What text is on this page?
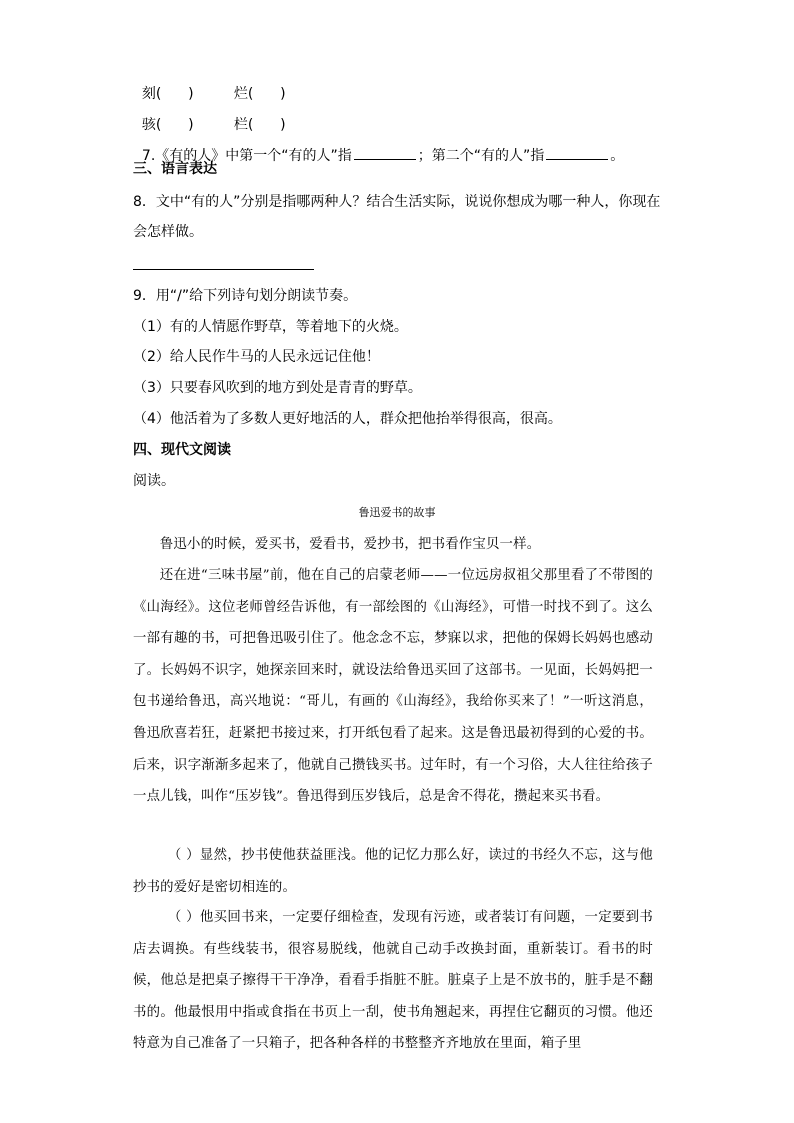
刻(      )	烂(      )

骇(      )	栏(      )

7.《有的人》中第一个“有的人”指	；第二个“有的人”指	。

三、语言表达
8．文中“有的人”分别是指哪两种人？结合生活实际，说说你想成为哪一种人，你现在
会怎样做。
9．用“/”给下列诗句划分朗读节奏。
（1）有的人情愿作野草，等着地下的火烧。
（2）给人民作牛马的人民永远记住他！
（3）只要春风吹到的地方到处是青青的野草。
（4）他活着为了多数人更好地活的人，群众把他抬举得很高，很高。
四、现代文阅读
阅读。
鲁迅爱书的故事

鲁迅小的时候，爱买书，爱看书，爱抄书，把书看作宝贝一样。

还在进“三味书屋”前，他在自己的启蒙老师——一位远房叔祖父那里看了不带图的《山海经》。这位老师曾经告诉他，有一部绘图的《山海经》，可惜一时找不到了。这么一部有趣的书，可把鲁迅吸引住了。他念念不忘，梦寐以求，把他的保姆长妈妈也感动了。长妈妈不识字，她探亲回来时，就设法给鲁迅买回了这部书。一见面，长妈妈把一包书递给鲁迅，高兴地说：“哥儿，有画的《山海经》，我给你买来了！”一听这消息，鲁迅欣喜若狂，赶紧把书接过来，打开纸包看了起来。这是鲁迅最初得到的心爱的书。后来，识字渐渐多起来了，他就自己攒钱买书。过年时，有一个习俗，大人往往给孩子一点儿钱，叫作“压岁钱”。鲁迅得到压岁钱后，总是舍不得花，攒起来买书看。

（ ）显然，抄书使他获益匪浅。他的记忆力那么好，读过的书经久不忘，这与他抄书的爱好是密切相连的。

（ ）他买回书来，一定要仔细检查，发现有污迹，或者装订有问题，一定要到书店去调换。有些线装书，很容易脱线，他就自己动手改换封面，重新装订。看书的时候，他总是把桌子擦得干干净净，看看手指脏不脏。脏桌子上是不放书的，脏手是不翻书的。他最恨用中指或食指在书页上一刮，使书角翘起来，再捏住它翻页的习惯。他还特意为自己准备了一只箱子，把各种各样的书整整齐齐地放在里面，箱子里
